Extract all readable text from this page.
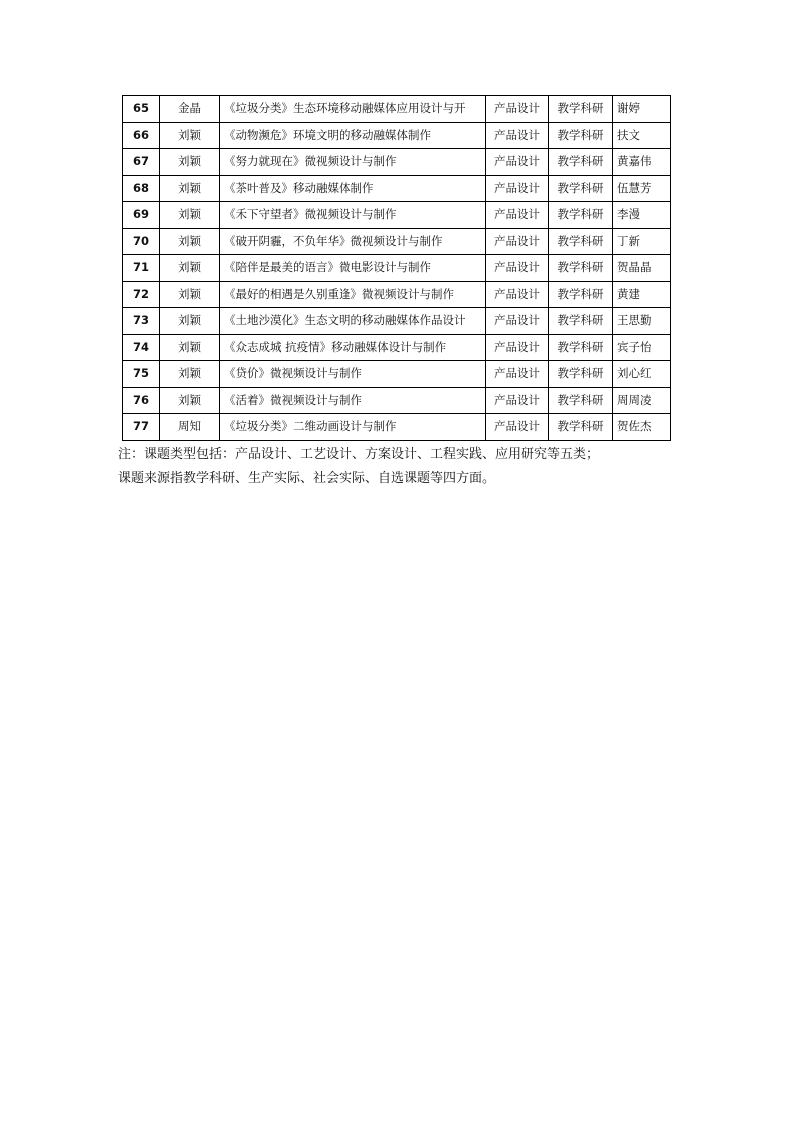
65	金晶	《垃圾分类》生态环境移动融媒体应用设计与开	产品设计	教学科研	谢婷
66	刘颖	《动物濒危》环境文明的移动融媒体制作	产品设计	教学科研	扶文
67	刘颖	《努力就现在》微视频设计与制作	产品设计	教学科研	黄嘉伟
68	刘颖	《茶叶普及》移动融媒体制作	产品设计	教学科研	伍慧芳
69	刘颖	《禾下守望者》微视频设计与制作	产品设计	教学科研	李漫
70	刘颖	《破开阴霾，不负年华》微视频设计与制作	产品设计	教学科研	丁新
71	刘颖	《陪伴是最美的语言》微电影设计与制作	产品设计	教学科研	贺晶晶
72	刘颖	《最好的相遇是久别重逢》微视频设计与制作	产品设计	教学科研	黄建
73	刘颖	《土地沙漠化》生态文明的移动融媒体作品设计	产品设计	教学科研	王思勤
74	刘颖	《众志成城 抗疫情》移动融媒体设计与制作	产品设计	教学科研	宾子怡
75	刘颖	《贷价》微视频设计与制作	产品设计	教学科研	刘心红
76	刘颖	《活着》微视频设计与制作	产品设计	教学科研	周周凌
77	周知	《垃圾分类》二维动画设计与制作	产品设计	教学科研	贺佐杰

注：课题类型包括：产品设计、工艺设计、方案设计、工程实践、应用研究等五类；

课题来源指教学科研、生产实际、社会实际、自选课题等四方面。
